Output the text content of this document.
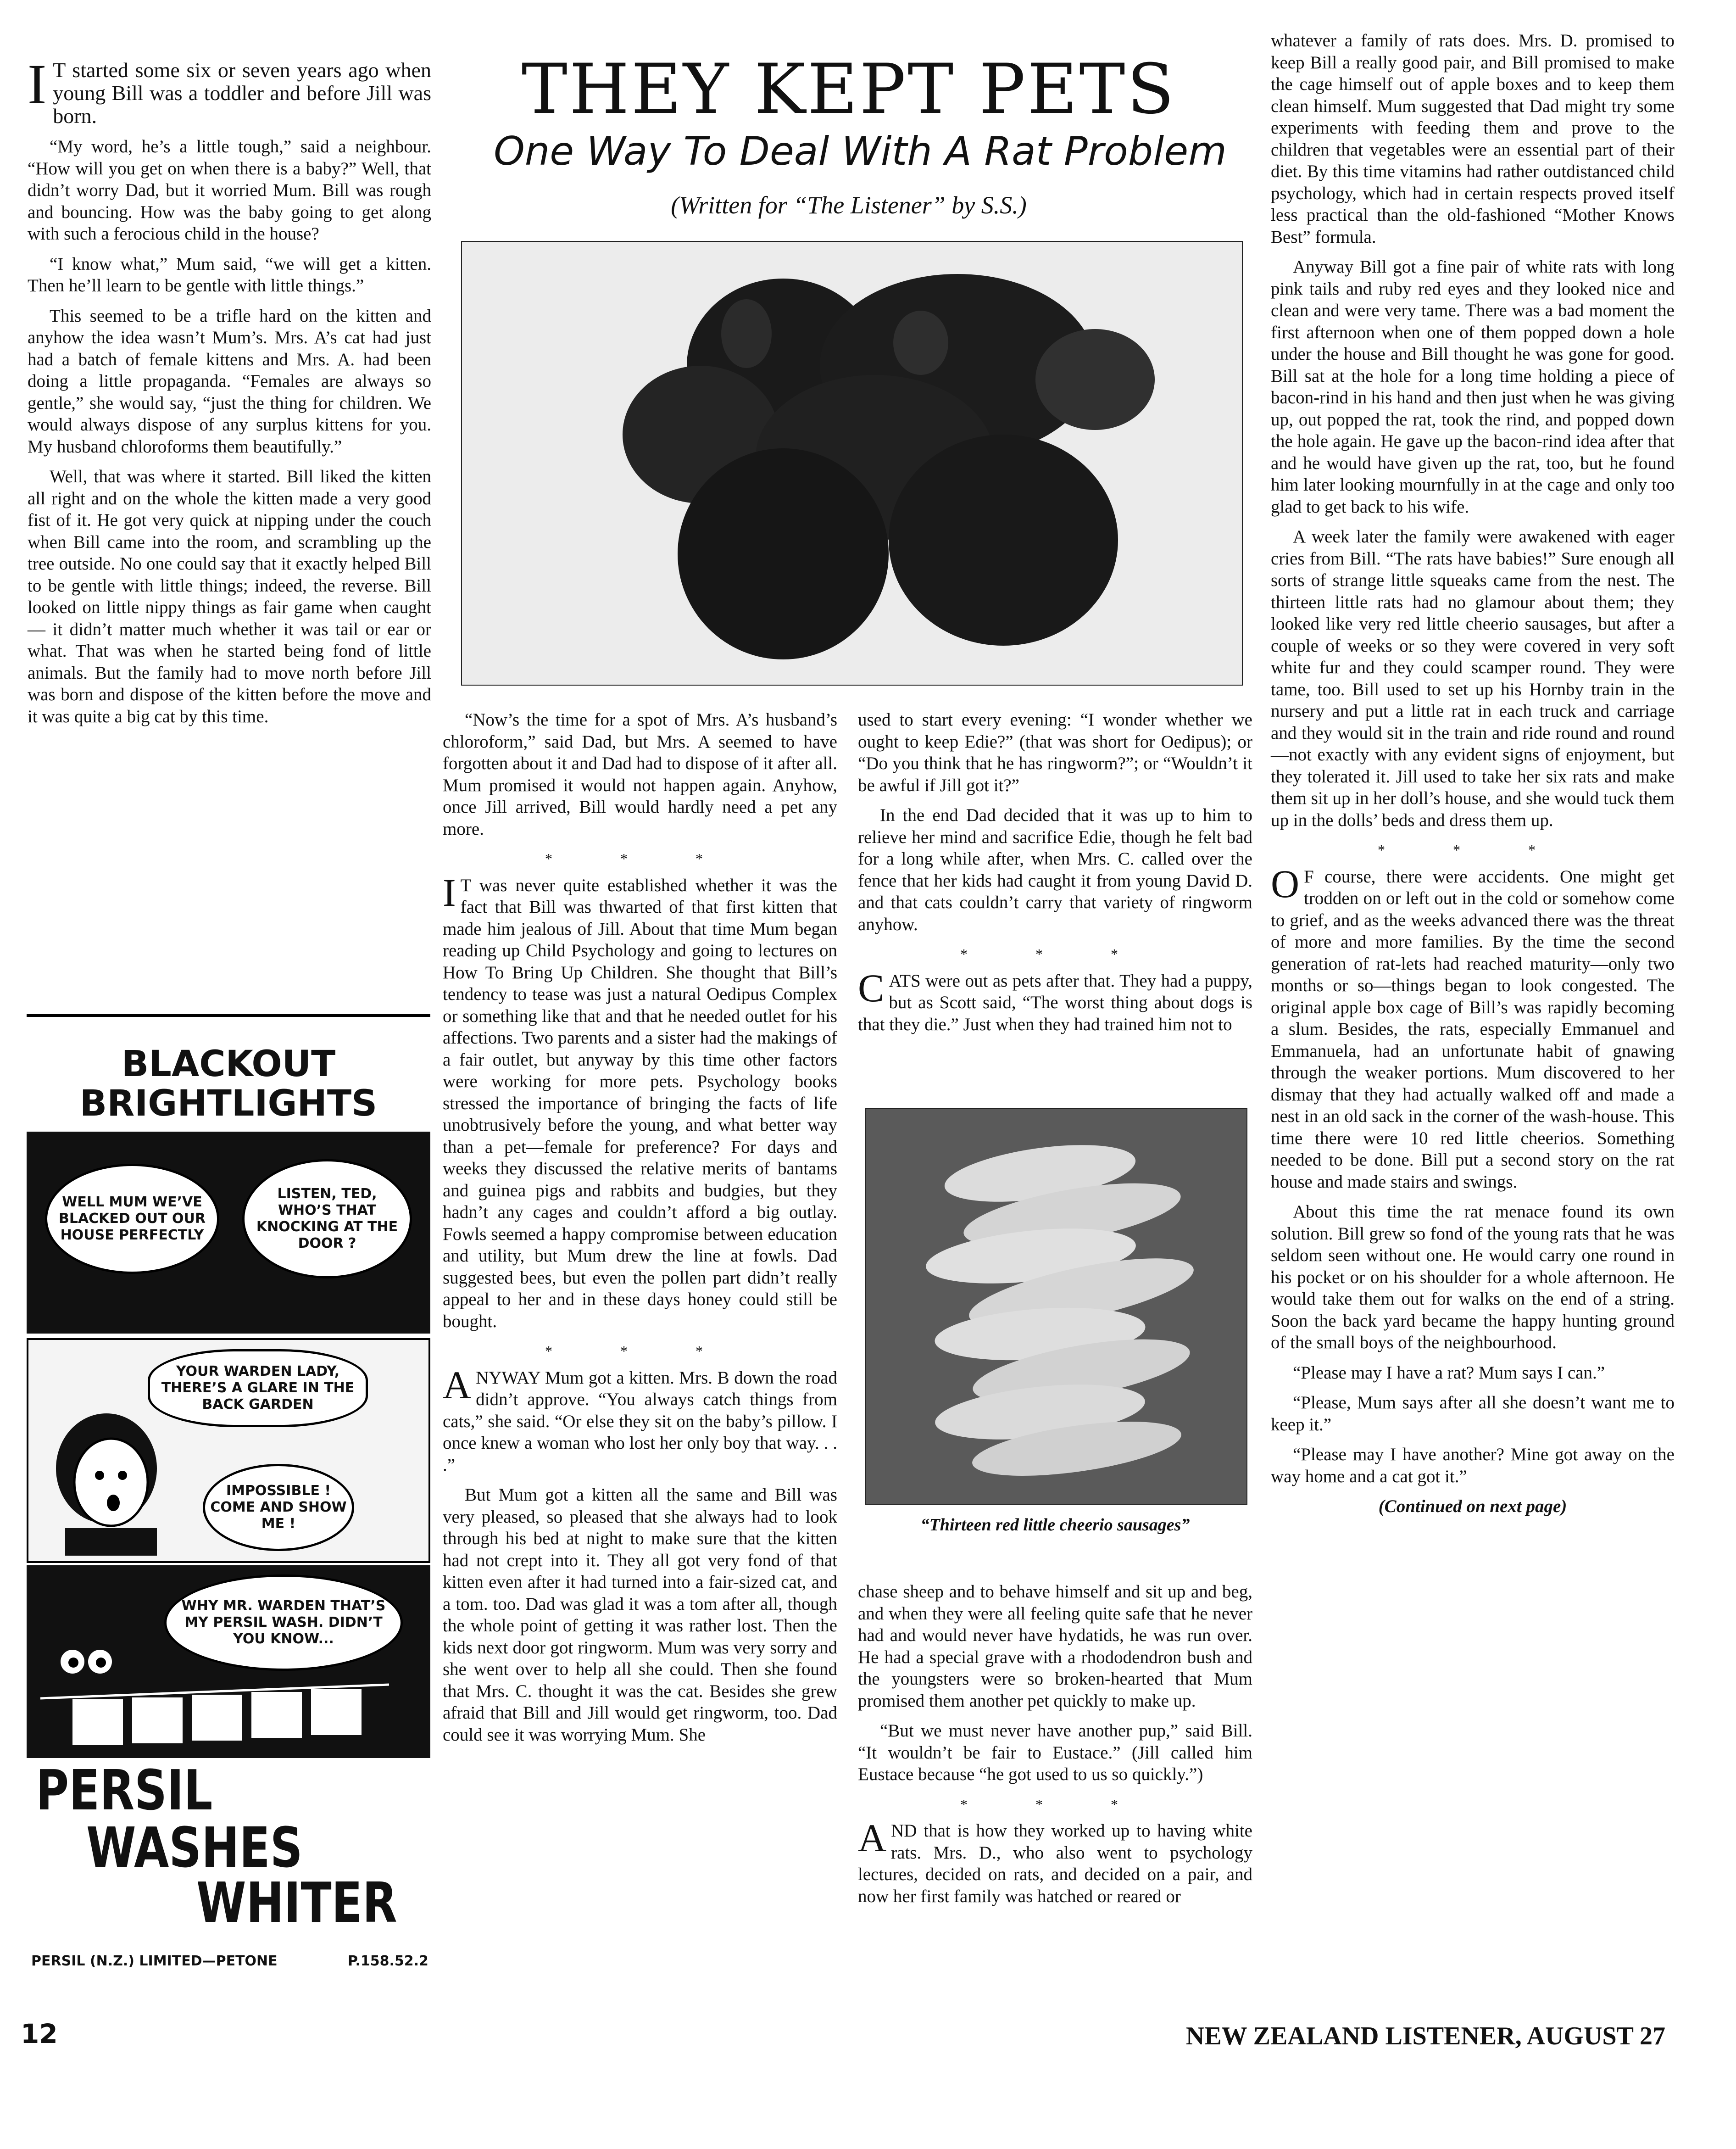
THEY KEPT PETS
One Way To Deal With A Rat Problem
(Written for “The Listener” by S.S.)

I T started some six or seven years ago when young Bill was a toddler and before Jill was born.

“My word, he’s a little tough,” said a neighbour. “How will you get on when there is a baby?” Well, that didn’t worry Dad, but it worried Mum. Bill was rough and bouncing. How was the baby going to get along with such a ferocious child in the house?

“I know what,” Mum said, “we will get a kitten. Then he’ll learn to be gentle with little things.”

This seemed to be a trifle hard on the kitten and anyhow the idea wasn’t Mum’s. Mrs. A’s cat had just had a batch of female kittens and Mrs. A. had been doing a little propaganda. “Females are always so gentle,” she would say, “just the thing for children. We would always dispose of any surplus kittens for you. My husband chloroforms them beautifully.”

Well, that was where it started. Bill liked the kitten all right and on the whole the kitten made a very good fist of it. He got very quick at nipping under the couch when Bill came into the room, and scrambling up the tree outside. No one could say that it exactly helped Bill to be gentle with little things; indeed, the reverse. Bill looked on little nippy things as fair game when caught — it didn’t matter much whether it was tail or ear or what. That was when he started being fond of little animals. But the family had to move north before Jill was born and dispose of the kitten before the move and it was quite a big cat by this time.

BLACKOUT
BRIGHTLIGHTS
WELL MUM WE’VE BLACKED OUT OUR HOUSE PERFECTLY
LISTEN, TED, WHO’S THAT KNOCKING AT THE DOOR ?
YOUR WARDEN LADY, THERE’S A GLARE IN THE BACK GARDEN
IMPOSSIBLE ! COME AND SHOW ME !
WHY MR. WARDEN THAT’S MY PERSIL WASH. DIDN’T YOU KNOW...
PERSIL
WASHES
WHITER
PERSIL (N.Z.) LIMITED—PETONE	P.158.52.2

“Now’s the time for a spot of Mrs. A’s husband’s chloroform,” said Dad, but Mrs. A seemed to have forgotten about it and Dad had to dispose of it after all. Mum promised it would not happen again. Anyhow, once Jill arrived, Bill would hardly need a pet any more.

* * *

I T was never quite established whether it was the fact that Bill was thwarted of that first kitten that made him jealous of Jill. About that time Mum began reading up Child Psychology and going to lectures on How To Bring Up Children. She thought that Bill’s tendency to tease was just a natural Oedipus Complex or something like that and that he needed outlet for his affections. Two parents and a sister had the makings of a fair outlet, but anyway by this time other factors were working for more pets. Psychology books stressed the importance of bringing the facts of life unobtrusively before the young, and what better way than a pet—female for preference? For days and weeks they discussed the relative merits of bantams and guinea pigs and rabbits and budgies, but they hadn’t any cages and couldn’t afford a big outlay. Fowls seemed a happy compromise between education and utility, but Mum drew the line at fowls. Dad suggested bees, but even the pollen part didn’t really appeal to her and in these days honey could still be bought.

* * *

ANYWAY Mum got a kitten. Mrs. B down the road didn’t approve. “You always catch things from cats,” she said. “Or else they sit on the baby’s pillow. I once knew a woman who lost her only boy that way. . . .”

But Mum got a kitten all the same and Bill was very pleased, so pleased that she always had to look through his bed at night to make sure that the kitten had not crept into it. They all got very fond of that kitten even after it had turned into a fair-sized cat, and a tom. too. Dad was glad it was a tom after all, though the whole point of getting it was rather lost. Then the kids next door got ringworm. Mum was very sorry and she went over to help all she could. Then she found that Mrs. C. thought it was the cat. Besides she grew afraid that Bill and Jill would get ringworm, too. Dad could see it was worrying Mum. She

used to start every evening: “I wonder whether we ought to keep Edie?” (that was short for Oedipus); or “Do you think that he has ringworm?”; or “Wouldn’t it be awful if Jill got it?”

In the end Dad decided that it was up to him to relieve her mind and sacrifice Edie, though he felt bad for a long while after, when Mrs. C. called over the fence that her kids had caught it from young David D. and that cats couldn’t carry that variety of ringworm anyhow.

* * *

CATS were out as pets after that. They had a puppy, but as Scott said, “The worst thing about dogs is that they die.” Just when they had trained him not to

“Thirteen red little cheerio sausages”

chase sheep and to behave himself and sit up and beg, and when they were all feeling quite safe that he never had and would never have hydatids, he was run over. He had a special grave with a rhododendron bush and the youngsters were so broken-hearted that Mum promised them another pet quickly to make up.

“But we must never have another pup,” said Bill. “It wouldn’t be fair to Eustace.” (Jill called him Eustace because “he got used to us so quickly.”)

* * *

AND that is how they worked up to having white rats. Mrs. D., who also went to psychology lectures, decided on rats, and decided on a pair, and now her first family was hatched or reared or

whatever a family of rats does. Mrs. D. promised to keep Bill a really good pair, and Bill promised to make the cage himself out of apple boxes and to keep them clean himself. Mum suggested that Dad might try some experiments with feeding them and prove to the children that vegetables were an essential part of their diet. By this time vitamins had rather outdistanced child psychology, which had in certain respects proved itself less practical than the old-fashioned “Mother Knows Best” formula.

Anyway Bill got a fine pair of white rats with long pink tails and ruby red eyes and they looked nice and clean and were very tame. There was a bad moment the first afternoon when one of them popped down a hole under the house and Bill thought he was gone for good. Bill sat at the hole for a long time holding a piece of bacon-rind in his hand and then just when he was giving up, out popped the rat, took the rind, and popped down the hole again. He gave up the bacon-rind idea after that and he would have given up the rat, too, but he found him later looking mournfully in at the cage and only too glad to get back to his wife.

A week later the family were awakened with eager cries from Bill. “The rats have babies!” Sure enough all sorts of strange little squeaks came from the nest. The thirteen little rats had no glamour about them; they looked like very red little cheerio sausages, but after a couple of weeks or so they were covered in very soft white fur and they could scamper round. They were tame, too. Bill used to set up his Hornby train in the nursery and put a little rat in each truck and carriage and they would sit in the train and ride round and round—not exactly with any evident signs of enjoyment, but they tolerated it. Jill used to take her six rats and make them sit up in her doll’s house, and she would tuck them up in the dolls’ beds and dress them up.

* * *

O F course, there were accidents. One might get trodden on or left out in the cold or somehow come to grief, and as the weeks advanced there was the threat of more and more families. By the time the second generation of rat-lets had reached maturity—only two months or so—things began to look congested. The original apple box cage of Bill’s was rapidly becoming a slum. Besides, the rats, especially Emmanuel and Emmanuela, had an unfortunate habit of gnawing through the weaker portions. Mum discovered to her dismay that they had actually walked off and made a nest in an old sack in the corner of the wash-house. This time there were 10 red little cheerios. Something needed to be done. Bill put a second story on the rat house and made stairs and swings.

About this time the rat menace found its own solution. Bill grew so fond of the young rats that he was seldom seen without one. He would carry one round in his pocket or on his shoulder for a whole afternoon. He would take them out for walks on the end of a string. Soon the back yard became the happy hunting ground of the small boys of the neighbourhood.

“Please may I have a rat? Mum says I can.”

“Please, Mum says after all she doesn’t want me to keep it.”

“Please may I have another? Mine got away on the way home and a cat got it.”

(Continued on next page)
12	NEW ZEALAND LISTENER, AUGUST 27
